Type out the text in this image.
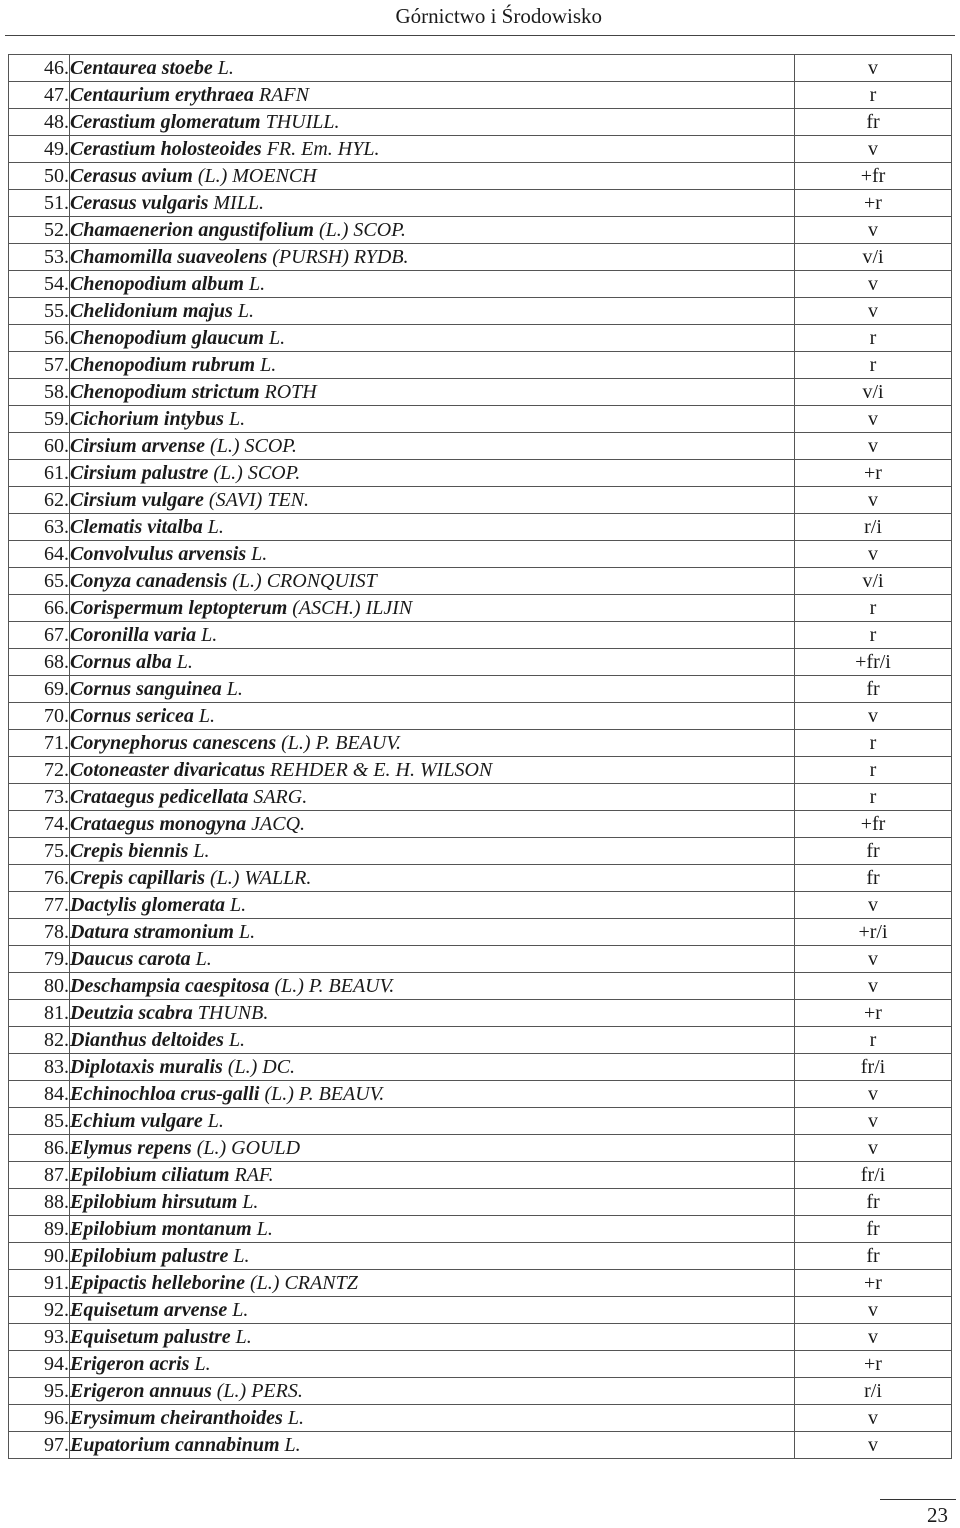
Górnictwo i Środowisko
46.	Centaurea stoebe L.	v
47.	Centaurium erythraea RAFN	r
48.	Cerastium glomeratum THUILL.	fr
49.	Cerastium holosteoides FR. Em. HYL.	v
50.	Cerasus avium (L.) MOENCH	+fr
51.	Cerasus vulgaris MILL.	+r
52.	Chamaenerion angustifolium (L.) SCOP.	v
53.	Chamomilla suaveolens (PURSH) RYDB.	v/i
54.	Chenopodium album L.	v
55.	Chelidonium majus L.	v
56.	Chenopodium glaucum L.	r
57.	Chenopodium rubrum L.	r
58.	Chenopodium strictum ROTH	v/i
59.	Cichorium intybus L.	v
60.	Cirsium arvense (L.) SCOP.	v
61.	Cirsium palustre (L.) SCOP.	+r
62.	Cirsium vulgare (SAVI) TEN.	v
63.	Clematis vitalba L.	r/i
64.	Convolvulus arvensis L.	v
65.	Conyza canadensis (L.) CRONQUIST	v/i
66.	Corispermum leptopterum (ASCH.) ILJIN	r
67.	Coronilla varia L.	r
68.	Cornus alba L.	+fr/i
69.	Cornus sanguinea L.	fr
70.	Cornus sericea L.	v
71.	Corynephorus canescens (L.) P. BEAUV.	r
72.	Cotoneaster divaricatus REHDER & E. H. WILSON	r
73.	Crataegus pedicellata SARG.	r
74.	Crataegus monogyna JACQ.	+fr
75.	Crepis biennis L.	fr
76.	Crepis capillaris (L.) WALLR.	fr
77.	Dactylis glomerata L.	v
78.	Datura stramonium L.	+r/i
79.	Daucus carota L.	v
80.	Deschampsia caespitosa (L.) P. BEAUV.	v
81.	Deutzia scabra THUNB.	+r
82.	Dianthus deltoides L.	r
83.	Diplotaxis muralis (L.) DC.	fr/i
84.	Echinochloa crus-galli (L.) P. BEAUV.	v
85.	Echium vulgare L.	v
86.	Elymus repens (L.) GOULD	v
87.	Epilobium ciliatum RAF.	fr/i
88.	Epilobium hirsutum L.	fr
89.	Epilobium montanum L.	fr
90.	Epilobium palustre L.	fr
91.	Epipactis helleborine (L.) CRANTZ	+r
92.	Equisetum arvense L.	v
93.	Equisetum palustre L.	v
94.	Erigeron acris L.	+r
95.	Erigeron annuus (L.) PERS.	r/i
96.	Erysimum cheiranthoides L.	v
97.	Eupatorium cannabinum L.	v
23
